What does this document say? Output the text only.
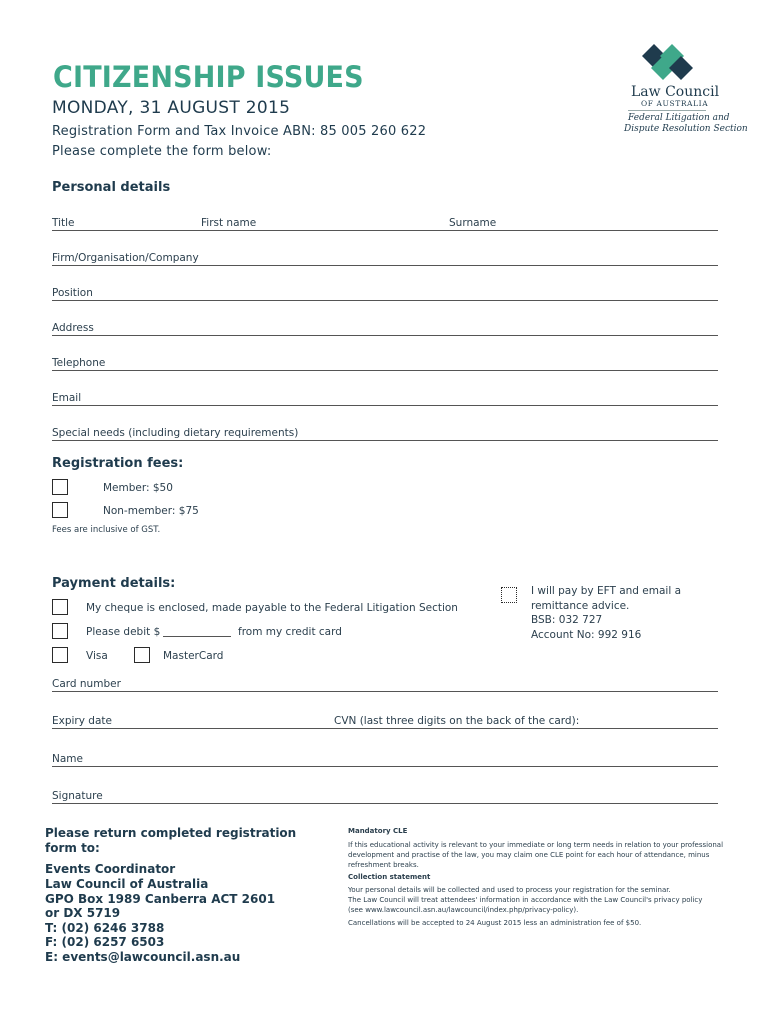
CITIZENSHIP ISSUES
MONDAY, 31 AUGUST 2015
Registration Form and Tax Invoice ABN: 85 005 260 622
Please complete the form below:
Law Council
OF AUSTRALIA
Federal Litigation and
Dispute Resolution Section
Personal details
Title	First name	Surname
Firm/Organisation/Company
Position
Address
Telephone
Email
Special needs (including dietary requirements)
Registration fees:
Member: $50
Non-member: $75
Fees are inclusive of GST.
Payment details:
My cheque is enclosed, made payable to the Federal Litigation Section
Please debit $	from my credit card
Visa	MasterCard
I will pay by EFT and email a
remittance advice.
BSB: 032 727
Account No: 992 916
Card number
Expiry date	CVN (last three digits on the back of the card):
Name
Signature
Please return completed registration
form to:
Events Coordinator
Law Council of Australia
GPO Box 1989 Canberra ACT 2601
or DX 5719
T: (02) 6246 3788
F: (02) 6257 6503
E: events@lawcouncil.asn.au
Mandatory CLE
If this educational activity is relevant to your immediate or long term needs in relation to your professional
development and practise of the law, you may claim one CLE point for each hour of attendance, minus
refreshment breaks.
Collection statement
Your personal details will be collected and used to process your registration for the seminar.
The Law Council will treat attendees' information in accordance with the Law Council's privacy policy
(see www.lawcouncil.asn.au/lawcouncil/index.php/privacy-policy).
Cancellations will be accepted to 24 August 2015 less an administration fee of $50.
